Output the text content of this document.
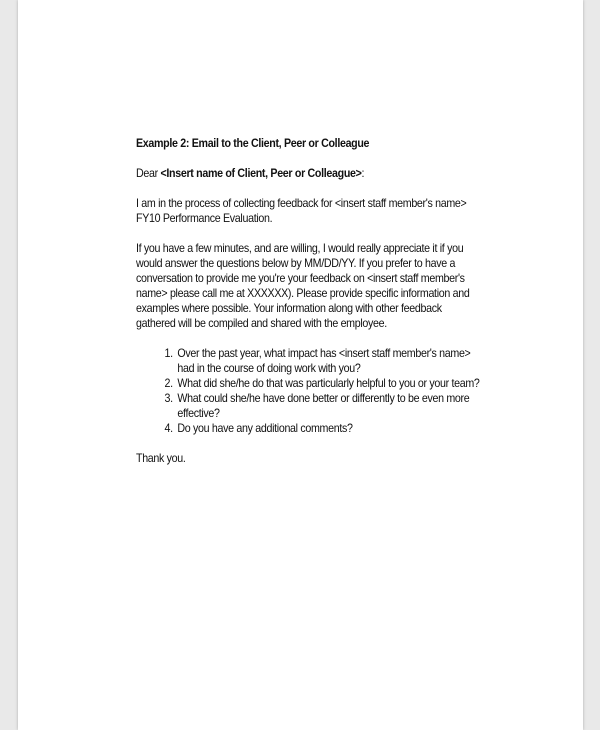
Example 2: Email to the Client, Peer or Colleague
Dear <Insert name of Client, Peer or Colleague>:
I am in the process of collecting feedback for <insert staff member's name> FY10 Performance Evaluation.
If you have a few minutes, and are willing, I would really appreciate it if you would answer the questions below by MM/DD/YY. If you prefer to have a conversation to provide me you're your feedback on <insert staff member's name> please call me at XXXXXX). Please provide specific information and examples where possible. Your information along with other feedback gathered will be compiled and shared with the employee.
1. Over the past year, what impact has <insert staff member's name> had in the course of doing work with you?
2. What did she/he do that was particularly helpful to you or your team?
3. What could she/he have done better or differently to be even more effective?
4. Do you have any additional comments?
Thank you.
